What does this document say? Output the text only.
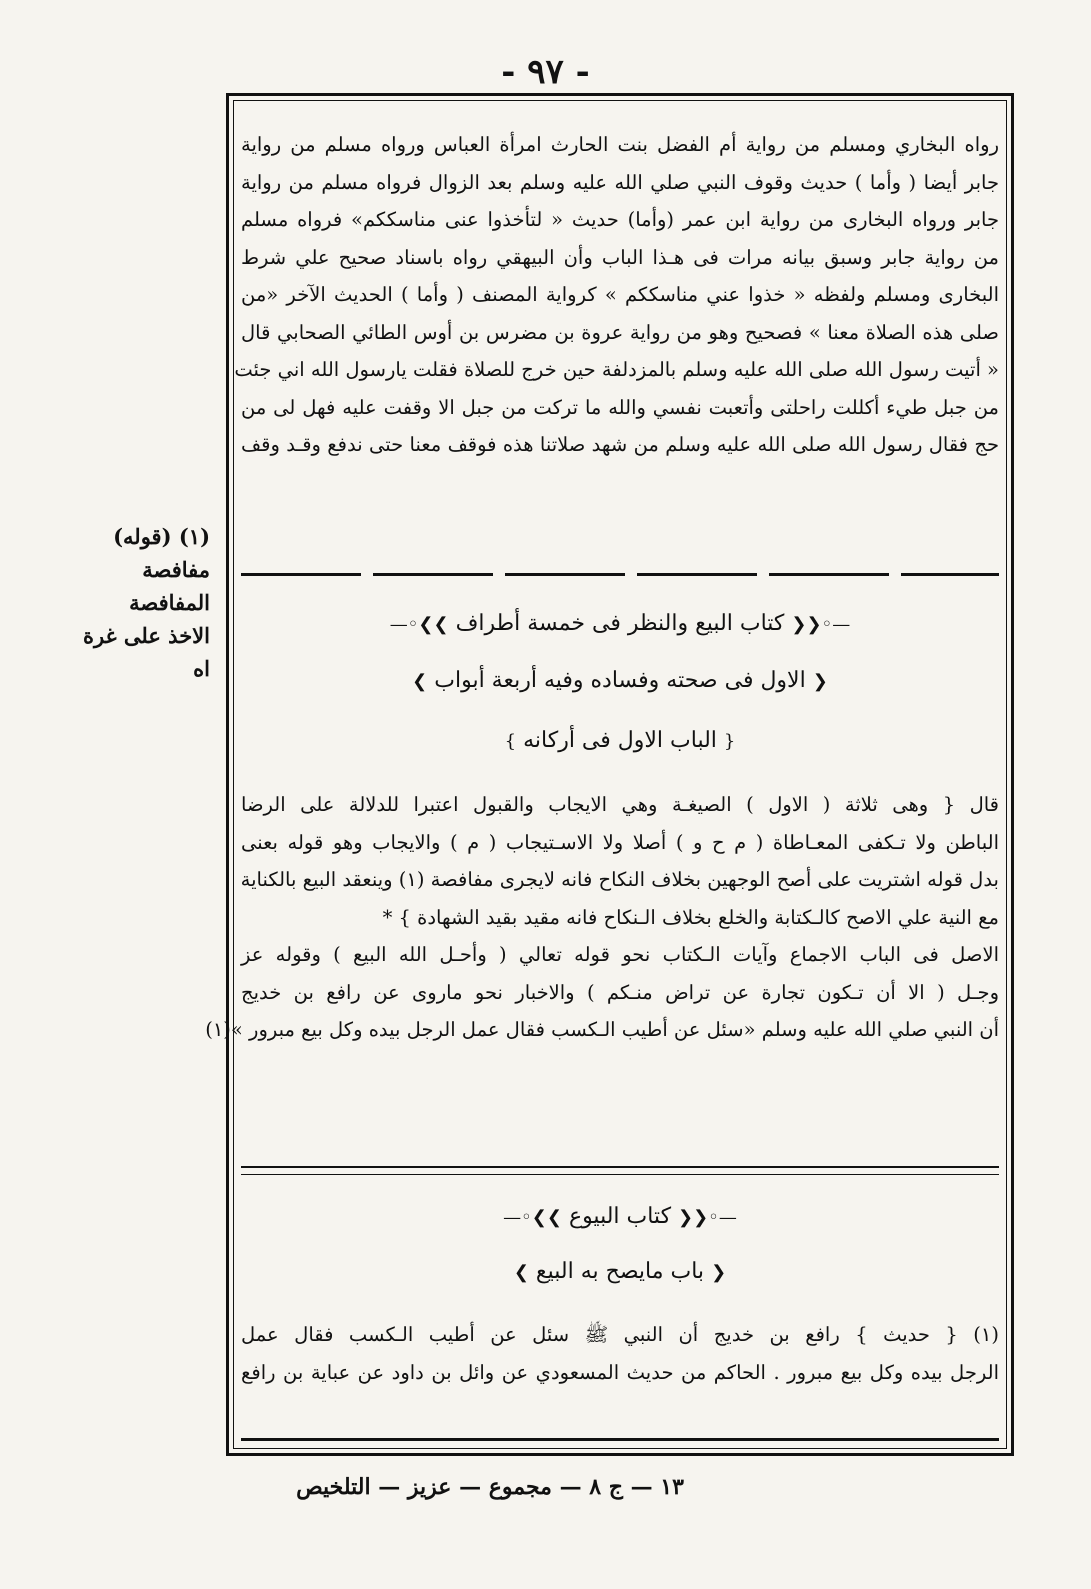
- ٩٧ -
رواه البخاري ومسلم من رواية أم الفضل بنت الحارث امرأة العباس ورواه مسلم من رواية
جابر أيضا ( وأما ) حديث وقوف النبي صلي الله عليه وسلم بعد الزوال فرواه مسلم من رواية
جابر ورواه البخارى من رواية ابن عمر (وأما) حديث « لتأخذوا عنى مناسككم» فرواه مسلم
من رواية جابر وسبق بيانه مرات فى هـذا الباب وأن البيهقي رواه باسناد صحيح علي شرط
البخارى ومسلم ولفظه « خذوا عني مناسككم » كرواية المصنف ( وأما ) الحديث الآخر «من
صلى هذه الصلاة معنا » فصحيح وهو من رواية عروة بن مضرس بن أوس الطائي الصحابي قال
« أتيت رسول الله صلى الله عليه وسلم بالمزدلفة حين خرج للصلاة فقلت يارسول الله اني جئت
من جبل طيء أكللت راحلتى وأتعبت نفسي والله ما تركت من جبل الا وقفت عليه فهل لى من
حج فقال رسول الله صلى الله عليه وسلم من شهد صلاتنا هذه فوقف معنا حتى ندفع وقـد وقف
—◦❮❮ كتاب البيع والنظر فى خمسة أطراف ❯❯◦—
❮ الاول فى صحته وفساده وفيه أربعة أبواب ❯
{ الباب الاول فى أركانه }
قال { وهى ثلاثة ( الاول ) الصيغـة وهي الايجاب والقبول اعتبرا للدلالة على الرضا
الباطن ولا تـكفى المعـاطاة ( م ح و ) أصلا ولا الاسـتيجاب ( م ) والايجاب وهو قوله بعنى
بدل قوله اشتريت على أصح الوجهين بخلاف النكاح فانه لايجرى مفافصة (١) وينعقد البيع بالكناية
مع النية علي الاصح كالـكتابة والخلع بخلاف الـنكاح فانه مقيد بقيد الشهادة } *
الاصل فى الباب الاجماع وآيات الـكتاب نحو قوله تعالي ( وأحـل الله البيع ) وقوله عز
وجـل ( الا أن تـكون تجارة عن تراض منـكم ) والاخبار نحو ماروى عن رافع بن خديج
أن النبي صلي الله عليه وسلم «سئل عن أطيب الـكسب فقال عمل الرجل بيده وكل بيع مبرور »(١)
—◦❮❮ كتاب البيوع ❯❯◦—
❮ باب مايصح به البيع ❯
(١) { حديث } رافع بن خديج أن النبي ﷺ سئل عن أطيب الـكسب فقال عمل
الرجل بيده وكل بيع مبرور . الحاكم من حديث المسعودي عن وائل بن داود عن عباية بن رافع
(١) (قوله)
مفافصة المفافصة
الاخذ على غرة اه
١٣ — ج ٨ — مجموع — عزيز — التلخيص
